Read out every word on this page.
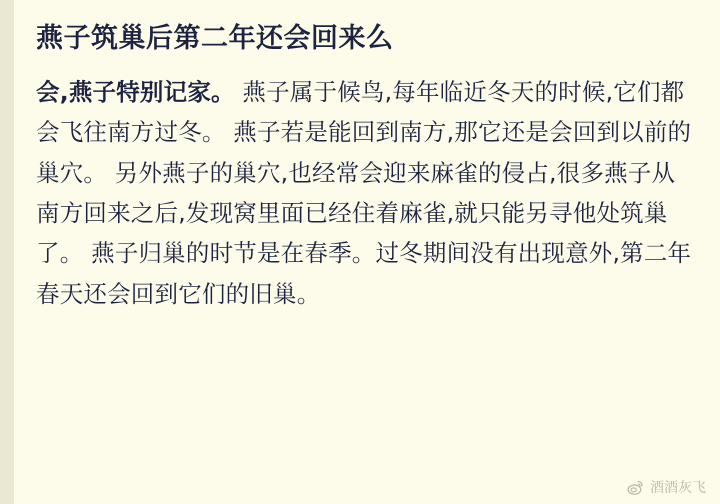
燕子筑巢后第二年还会回来么

会,燕子特别记家。 燕子属于候鸟,每年临近冬天的时候,它们都会飞往南方过冬。 燕子若是能回到南方,那它还是会回到以前的巢穴。 另外燕子的巢穴,也经常会迎来麻雀的侵占,很多燕子从南方回来之后,发现窝里面已经住着麻雀,就只能另寻他处筑巢了。 燕子归巢的时节是在春季。过冬期间没有出现意外,第二年春天还会回到它们的旧巢。

酒酒灰飞
